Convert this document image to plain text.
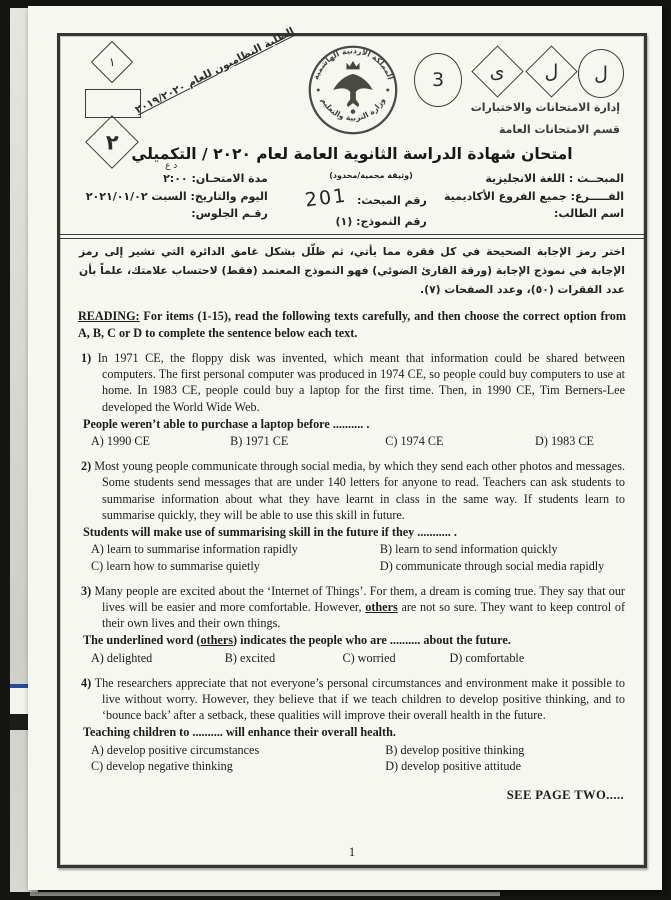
١
٢
الطلبة النظاميون للعام ٢٠١٩/٢٠٢٠ المملكة الأردنية الهاشمية
وزارة التربية والتعليم
ل
ل
ى
3
إدارة الامتحانات والاختبارات
قسم الامتحانات العامة
امتحان شهادة الدراسة الثانوية العامة لعام ٢٠٢٠ / التكميلي
المبحــث : اللغة الانجليزية
الفـــــرع: جميع الفروع الأكاديمية
اسم الطالب:
(وثيقة محمية/محدود)
رقم المبحث: 201
رقم النموذج: (١)
مدة الامتحـان:
د ع
٢:٠٠
اليوم والتاريخ: السبت ٢٠٢١/٠١/٠٢
رقـم الجلوس:
اختر رمز الإجابة الصحيحة في كل فقرة مما يأتي، ثم ظلّل بشكل غامق الدائرة التي تشير إلى رمز الإجابة في نموذج الإجابة (ورقة القارئ الضوئي) فهو النموذج المعتمد (فقط) لاحتساب علامتك، علماً بأن عدد الفقرات (٥٠)، وعدد الصفحات (٧).
READING: For items (1-15), read the following texts carefully, and then choose the correct option from A, B, C or D to complete the sentence below each text.

1) In 1971 CE, the floppy disk was invented, which meant that information could be shared between computers. The first personal computer was produced in 1974 CE, so people could buy computers to use at home. In 1983 CE, people could buy a laptop for the first time. Then, in 1990 CE, Tim Berners-Lee developed the World Wide Web.

People weren’t able to purchase a laptop before .......... .
A) 1990 CE	B) 1971 CE	C) 1974 CE	D) 1983 CE

2) Most young people communicate through social media, by which they send each other photos and messages. Some students send messages that are under 140 letters for anyone to read. Teachers can ask students to summarise information about what they have learnt in class in the same way. If students learn to summarise quickly, they will be able to use this skill in future.

Students will make use of summarising skill in the future if they ........... .
A) learn to summarise information rapidly	B) learn to send information quickly
C) learn how to summarise quietly	D) communicate through social media rapidly

3) Many people are excited about the ‘Internet of Things’. For them, a dream is coming true. They say that our lives will be easier and more comfortable. However, others are not so sure. They want to keep control of their own lives and their own things.

The underlined word (others) indicates the people who are .......... about the future.
A) delighted	B) excited	C) worried	D) comfortable

4) The researchers appreciate that not everyone’s personal circumstances and environment make it possible to live without worry. However, they believe that if we teach children to develop positive thinking, and to ‘bounce back’ after a setback, these qualities will improve their overall health in the future.

Teaching children to .......... will enhance their overall health.
A) develop positive circumstances	B) develop positive thinking
C) develop negative thinking	D) develop positive attitude
SEE PAGE TWO.....
1
